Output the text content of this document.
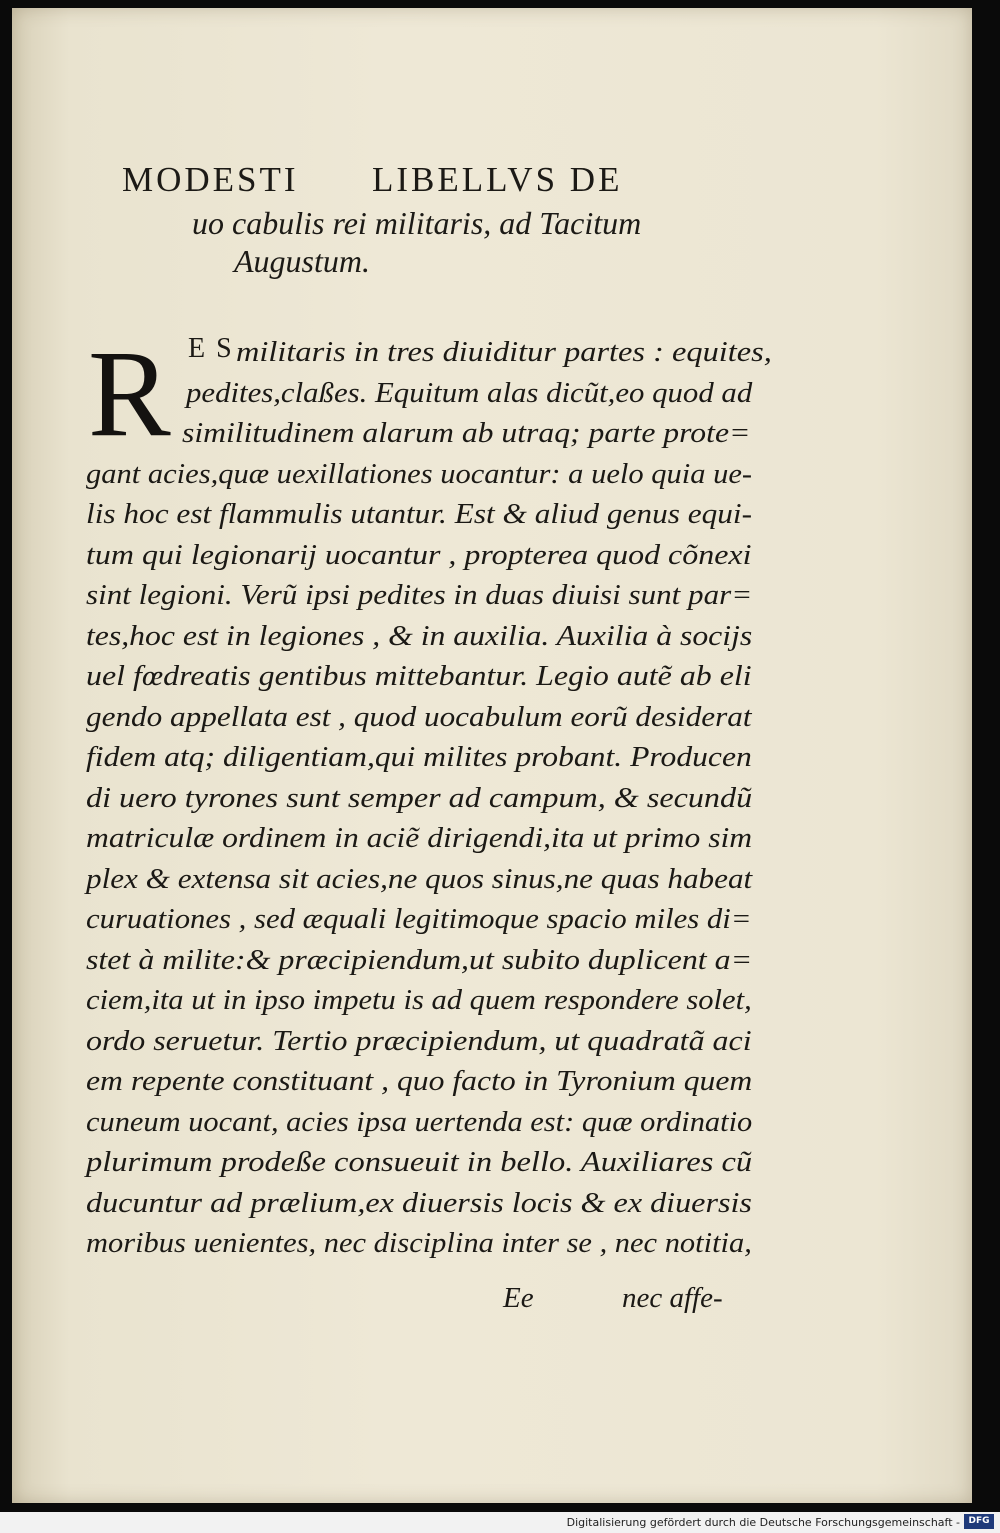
MODESTI LIBELLVS DE
uo cabulis rei militaris, ad Tacitum
Augustum.
R E S militaris in tres diuiditur partes : equites,
pedites,claßes. Equitum alas dicũt,eo quod ad
similitudinem alarum ab utraq; parte prote=
gant acies,quæ uexillationes uocantur: a uelo quia ue-
lis hoc est flammulis utantur. Est & aliud genus equi-
tum qui legionarij uocantur , propterea quod cõnexi
sint legioni. Verũ ipsi pedites in duas diuisi sunt par=
tes,hoc est in legiones , & in auxilia. Auxilia à socijs
uel fœdreatis gentibus mittebantur. Legio autẽ ab eli
gendo appellata est , quod uocabulum eorũ desiderat
fidem atq; diligentiam,qui milites probant. Producen
di uero tyrones sunt semper ad campum, & secundũ
matriculæ ordinem in aciẽ dirigendi,ita ut primo sim
plex & extensa sit acies,ne quos sinus,ne quas habeat
curuationes , sed æquali legitimoque spacio miles di=
stet à milite:& præcipiendum,ut subito duplicent a=
ciem,ita ut in ipso impetu is ad quem respondere solet,
ordo seruetur. Tertio præcipiendum, ut quadratã aci
em repente constituant , quo facto in Tyronium quem
cuneum uocant, acies ipsa uertenda est: quæ ordinatio
plurimum prodeße consueuit in bello. Auxiliares cũ
ducuntur ad prælium,ex diuersis locis & ex diuersis
moribus uenientes, nec disciplina inter se , nec notitia,
Ee	nec affe-
Digitalisierung gefördert durch die Deutsche Forschungsgemeinschaft - DFG
